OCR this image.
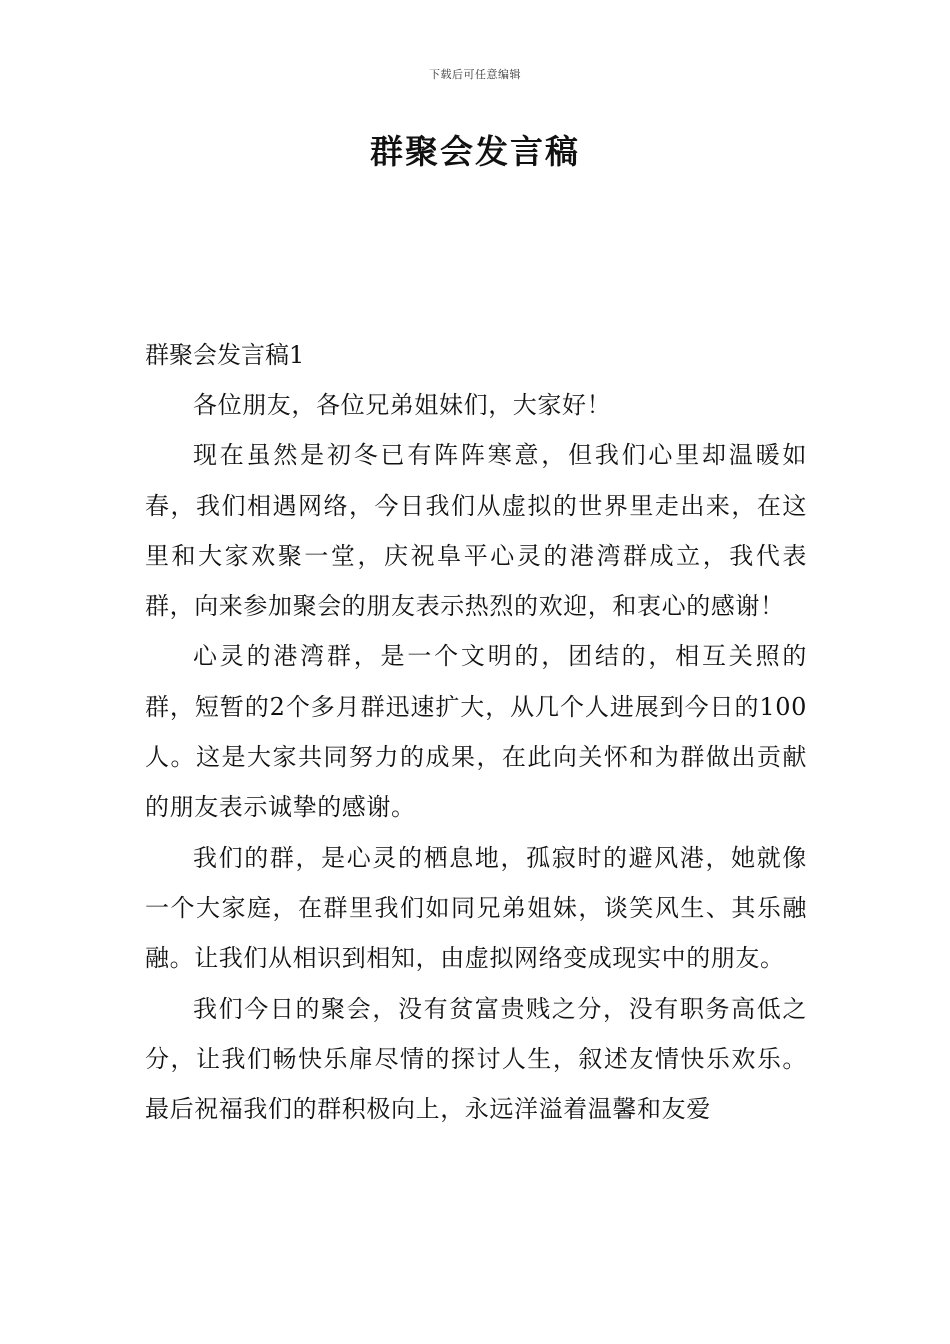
下载后可任意编辑
群聚会发言稿

群聚会发言稿1

各位朋友，各位兄弟姐妹们，大家好！

现在虽然是初冬已有阵阵寒意，但我们心里却温暖如春，我们相遇网络，今日我们从虚拟的世界里走出来，在这里和大家欢聚一堂，庆祝阜平心灵的港湾群成立，我代表群，向来参加聚会的朋友表示热烈的欢迎，和衷心的感谢！

心灵的港湾群，是一个文明的，团结的，相互关照的群，短暂的2个多月群迅速扩大，从几个人进展到今日的100人。这是大家共同努力的成果，在此向关怀和为群做出贡献的朋友表示诚挚的感谢。

我们的群，是心灵的栖息地，孤寂时的避风港，她就像一个大家庭，在群里我们如同兄弟姐妹，谈笑风生、其乐融融。让我们从相识到相知，由虚拟网络变成现实中的朋友。

我们今日的聚会，没有贫富贵贱之分，没有职务高低之分，让我们畅快乐扉尽情的探讨人生，叙述友情快乐欢乐。最后祝福我们的群积极向上，永远洋溢着温馨和友爱
